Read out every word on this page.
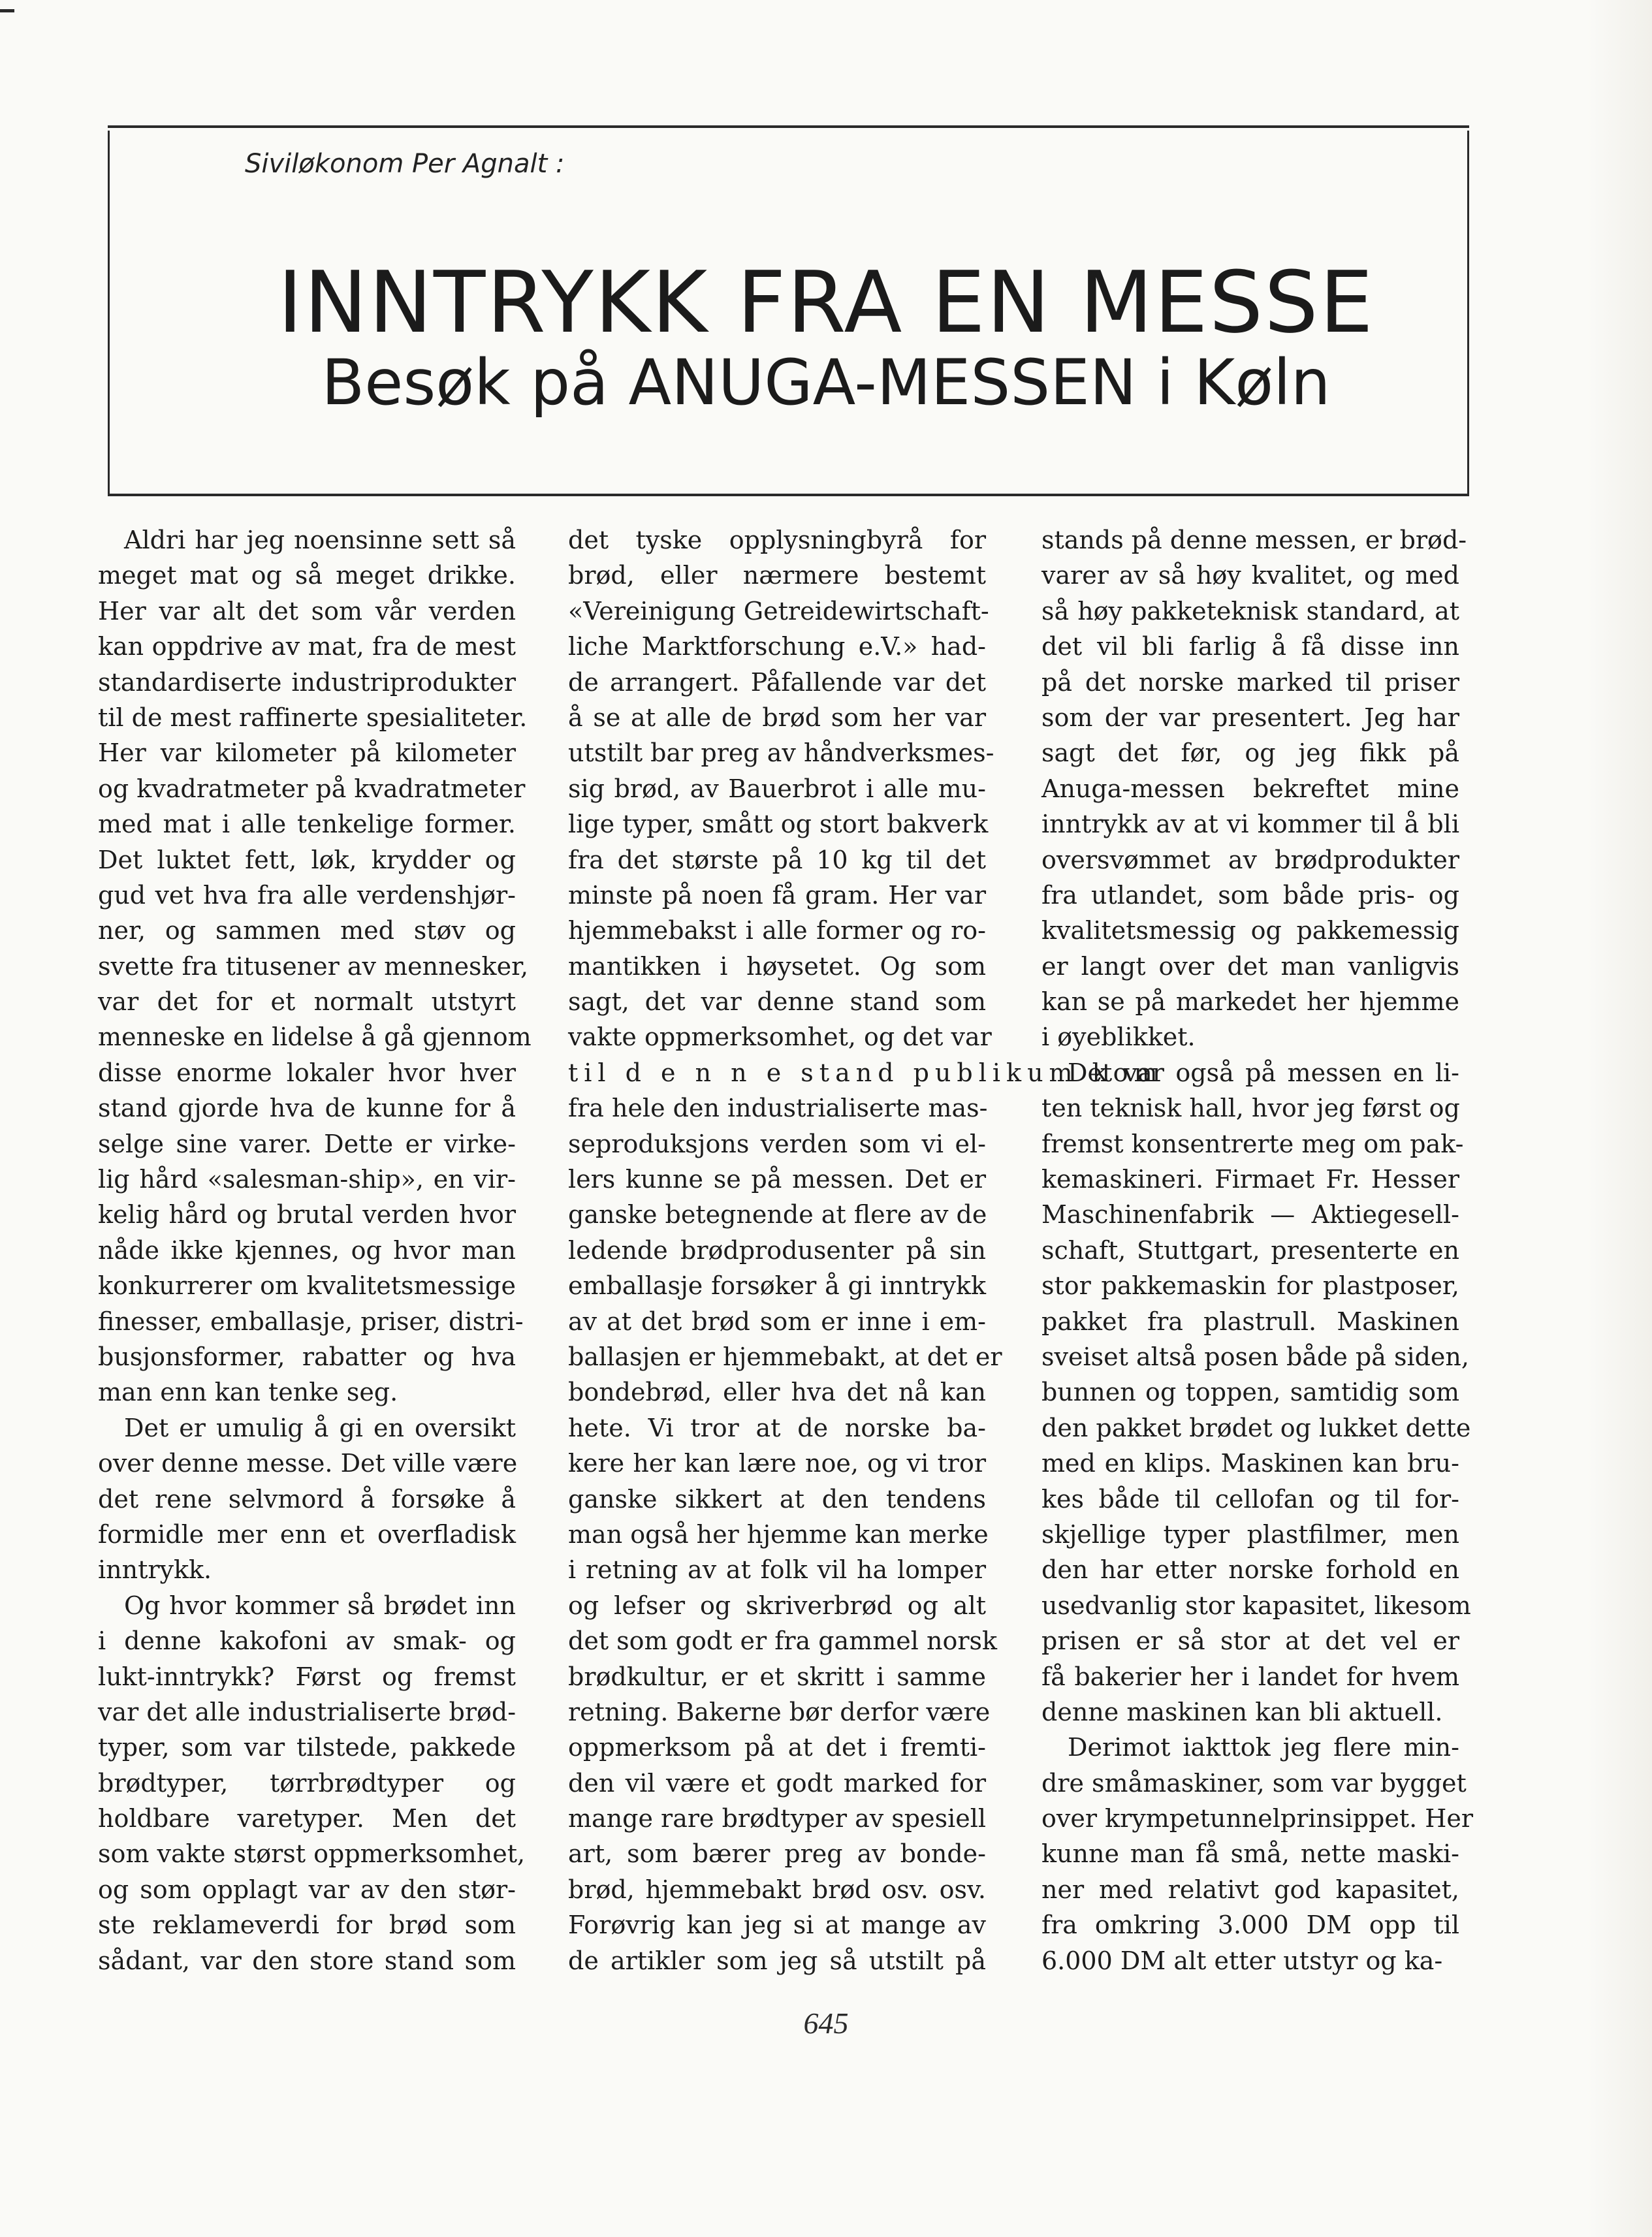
Siviløkonom Per Agnalt :
INNTRYKK FRA EN MESSE
Besøk på ANUGA-MESSEN i Køln
Aldri har jeg noensinne sett så
meget mat og så meget drikke.
Her var alt det som vår verden
kan oppdrive av mat, fra de mest
standardiserte industriprodukter
til de mest raffinerte spesialiteter.
Her var kilometer på kilometer
og kvadratmeter på kvadratmeter
med mat i alle tenkelige former.
Det luktet fett, løk, krydder og
gud vet hva fra alle verdenshjør-
ner, og sammen med støv og
svette fra titusener av mennesker,
var det for et normalt utstyrt
menneske en lidelse å gå gjennom
disse enorme lokaler hvor hver
stand gjorde hva de kunne for å
selge sine varer. Dette er virke-
lig hård «salesman-ship», en vir-
kelig hård og brutal verden hvor
nåde ikke kjennes, og hvor man
konkurrerer om kvalitetsmessige
finesser, emballasje, priser, distri-
busjonsformer, rabatter og hva
man enn kan tenke seg.
Det er umulig å gi en oversikt
over denne messe. Det ville være
det rene selvmord å forsøke å
formidle mer enn et overfladisk
inntrykk.
Og hvor kommer så brødet inn
i denne kakofoni av smak- og
lukt-inntrykk? Først og fremst
var det alle industrialiserte brød-
typer, som var tilstede, pakkede
brødtyper, tørrbrødtyper og
holdbare varetyper. Men det
som vakte størst oppmerksomhet,
og som opplagt var av den stør-
ste reklameverdi for brød som
sådant, var den store stand som
det tyske opplysningbyrå for
brød, eller nærmere bestemt
«Vereinigung Getreidewirtschaft-
liche Marktforschung e.V.» had-
de arrangert. Påfallende var det
å se at alle de brød som her var
utstilt bar preg av håndverksmes-
sig brød, av Bauerbrot i alle mu-
lige typer, smått og stort bakverk
fra det største på 10 kg til det
minste på noen få gram. Her var
hjemmebakst i alle former og ro-
mantikken i høysetet. Og som
sagt, det var denne stand som
vakte oppmerksomhet, og det var
til d e n n e stand publikum kom
fra hele den industrialiserte mas-
seproduksjons verden som vi el-
lers kunne se på messen. Det er
ganske betegnende at flere av de
ledende brødprodusenter på sin
emballasje forsøker å gi inntrykk
av at det brød som er inne i em-
ballasjen er hjemmebakt, at det er
bondebrød, eller hva det nå kan
hete. Vi tror at de norske ba-
kere her kan lære noe, og vi tror
ganske sikkert at den tendens
man også her hjemme kan merke
i retning av at folk vil ha lomper
og lefser og skriverbrød og alt
det som godt er fra gammel norsk
brødkultur, er et skritt i samme
retning. Bakerne bør derfor være
oppmerksom på at det i fremti-
den vil være et godt marked for
mange rare brødtyper av spesiell
art, som bærer preg av bonde-
brød, hjemmebakt brød osv. osv.
Forøvrig kan jeg si at mange av
de artikler som jeg så utstilt på
stands på denne messen, er brød-
varer av så høy kvalitet, og med
så høy pakketeknisk standard, at
det vil bli farlig å få disse inn
på det norske marked til priser
som der var presentert. Jeg har
sagt det før, og jeg fikk på
Anuga-messen bekreftet mine
inntrykk av at vi kommer til å bli
oversvømmet av brødprodukter
fra utlandet, som både pris- og
kvalitetsmessig og pakkemessig
er langt over det man vanligvis
kan se på markedet her hjemme
i øyeblikket.
Det var også på messen en li-
ten teknisk hall, hvor jeg først og
fremst konsentrerte meg om pak-
kemaskineri. Firmaet Fr. Hesser
Maschinenfabrik — Aktiegesell-
schaft, Stuttgart, presenterte en
stor pakkemaskin for plastposer,
pakket fra plastrull. Maskinen
sveiset altså posen både på siden,
bunnen og toppen, samtidig som
den pakket brødet og lukket dette
med en klips. Maskinen kan bru-
kes både til cellofan og til for-
skjellige typer plastfilmer, men
den har etter norske forhold en
usedvanlig stor kapasitet, likesom
prisen er så stor at det vel er
få bakerier her i landet for hvem
denne maskinen kan bli aktuell.
Derimot iakttok jeg flere min-
dre småmaskiner, som var bygget
over krympetunnelprinsippet. Her
kunne man få små, nette maski-
ner med relativt god kapasitet,
fra omkring 3.000 DM opp til
6.000 DM alt etter utstyr og ka-
645
